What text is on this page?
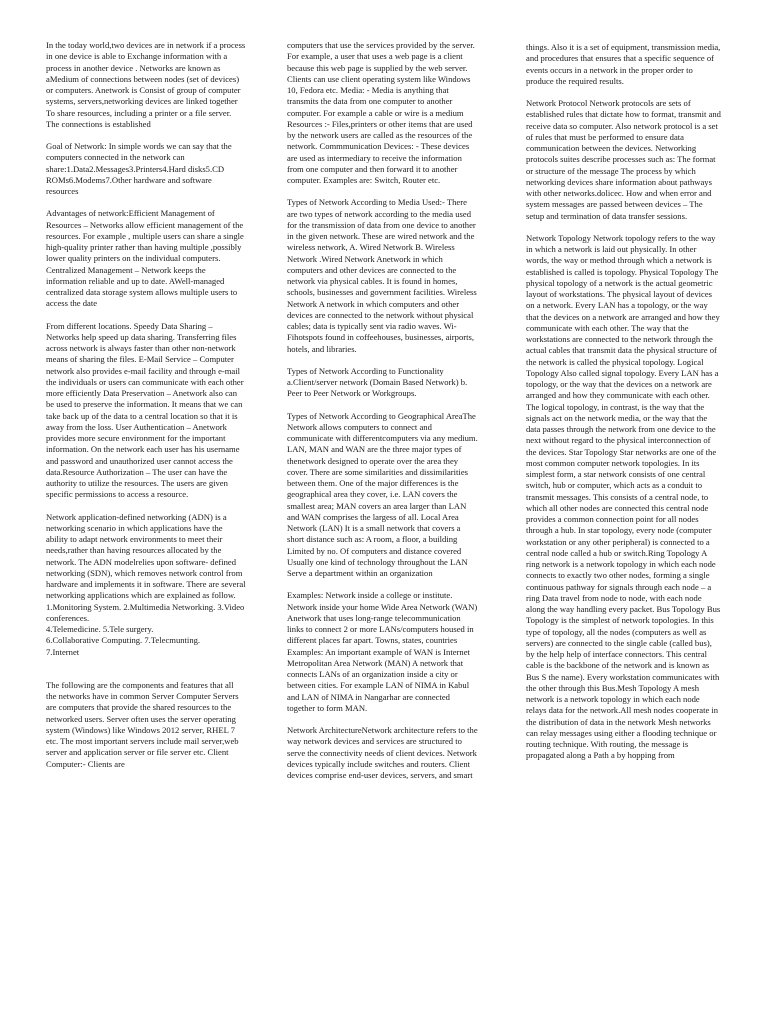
In the today world,two devices are in network if a process in one device is able to Exchange information with a process in another device . Networks are known as aMedium of connections between nodes (set of devices) or computers. Anetwork is Consist of group of computer systems, servers,networking devices are linked together To share resources, including a printer or a file server. The connections is established

Goal of Network: In simple words we can say that the computers connected in the network can share:1.Data2.Messages3.Printers4.Hard disks5.CD ROMs6.Modems7.Other hardware and software resources

Advantages of network:Efficient Management of Resources – Networks allow efficient management of the resources. For example , multiple users can share a single high-quality printer rather than having multiple ,possibly lower quality printers on the individual computers. Centralized Management – Network keeps the information reliable and up to date. AWell-managed centralized data storage system allows multiple users to access the date

From different locations. Speedy Data Sharing – Networks help speed up data sharing. Transferring files across network is always faster than other non-network means of sharing the files. E-Mail Service – Computer network also provides e-mail facility and through e-mail the individuals or users can communicate with each other more efficiently Data Preservation – Anetwork also can be used to preserve the information. It means that we can take back up of the data to a central location so that it is away from the loss. User Authentication – Anetwork provides more secure environment for the important information. On the network each user has his username and password and unauthorized user cannot access the data.Resource Authorization – The user can have the authority to utilize the resources. The users are given specific permissions to access a resource.

Network application-defined networking (ADN) is a networking scenario in which applications have the ability to adapt network environments to meet their needs,rather than having resources allocated by the network. The ADN modelrelies upon software- defined networking (SDN), which removes network control from hardware and implements it in software. There are several networking applications which are explained as follow.
1.Monitoring System. 2.Multimedia Networking. 3.Video conferences.
4.Telemedicine. 5.Tele surgery.
6.Collaborative Computing. 7.Telecmunting.
7.Internet

The following are the components and features that all the networks have in common Server Computer Servers are computers that provide the shared resources to the networked users. Server often uses the server operating system (Windows) like Windows 2012 server, RHEL 7 etc. The most important servers include mail server,web server and application server or file server etc. Client Computer:- Clients are

computers that use the services provided by the server. For example, a user that uses a web page is a client because this web page is supplied by the web server. Clients can use client operating system like Windows 10, Fedora etc. Media: - Media is anything that transmits the data from one computer to another computer. For example a cable or wire is a medium Resources :- Files,printers or other items that are used by the network users are called as the resources of the network. Commmunication Devices: - These devices are used as intermediary to receive the information from one computer and then forward it to another computer. Examples are: Switch, Router etc.

Types of Network According to Media Used:- There are two types of network according to the media used for the transmission of data from one device to another in the given network. These are wired network and the wireless network, A. Wired Network B. Wireless Network .Wired Network Anetwork in which computers and other devices are connected to the network via physical cables. It is found in homes, schools, businesses and government facilities. Wireless Network A network in which computers and other devices are connected to the network without physical cables; data is typically sent via radio waves. Wi-Fihotspots found in coffeehouses, businesses, airports, hotels, and libraries.

Types of Network According to Functionality a.Client/server network (Domain Based Network) b. Peer to Peer Network or Workgroups.

Types of Network According to Geographical AreaThe Network allows computers to connect and communicate with differentcomputers via any medium. LAN, MAN and WAN are the three major types of thenetwork designed to operate over the area they cover. There are some similarities and dissimilarities between them. One of the major differences is the geographical area they cover, i.e. LAN covers the smallest area; MAN covers an area larger than LAN and WAN comprises the largess of all. Local Area Network (LAN) It is a small network that covers a short distance such as: A room, a floor, a building Limited by no. Of computers and distance covered Usually one kind of technology throughout the LAN Serve a department within an organization

Examples: Network inside a college or institute. Network inside your home Wide Area Network (WAN) Anetwork that uses long-range telecommunication links to connect 2 or more LANs/computers housed in different places far apart. Towns, states, countries Examples: An important example of WAN is Internet Metropolitan Area Network (MAN) A network that connects LANs of an organization inside a city or between cities. For example LAN of NIMA in Kabul and LAN of NIMA in Nangarhar are connected together to form MAN.

Network ArchitectureNetwork architecture refers to the way network devices and services are structured to serve the connectivity needs of client devices. Network devices typically include switches and routers. Client devices comprise end-user devices, servers, and smart

things. Also it is a set of equipment, transmission media, and procedures that ensures that a specific sequence of events occurs in a network in the proper order to produce the required results.

Network Protocol Network protocols are sets of established rules that dictate how to format, transmit and receive data so computer. Also network protocol is a set of rules that must be performed to ensure data communication between the devices. Networking protocols suites describe processes such as: The format or structure of the message The process by which networking devices share information about pathways with other networks.dolicec. How and when error and system messages are passed between devices – The setup and termination of data transfer sessions.

Network Topology Network topology refers to the way in which a network is laid out physically. In other words, the way or method through which a network is established is called is topology. Physical Topology The physical topology of a network is the actual geometric layout of workstations. The physical layout of devices on a network. Every LAN has a topology, or the way that the devices on a network are arranged and how they communicate with each other. The way that the workstations are connected to the network through the actual cables that transmit data the physical structure of the network is called the physical topology. Logical Topology Also called signal topology. Every LAN has a topology, or the way that the devices on a network are arranged and how they communicate with each other. The logical topology, in contrast, is the way that the signals act on the network media, or the way that the data passes through the network from one device to the next without regard to the physical interconnection of the devices. Star Topology Star networks are one of the most common computer network topologies. In its simplest form, a star network consists of one central switch, hub or computer, which acts as a conduit to transmit messages. This consists of a central node, to which all other nodes are connected this central node provides a common connection point for all nodes through a hub. In star topology, every node (computer workstation or any other peripheral) is connected to a central node called a hub or switch.Ring Topology A ring network is a network topology in which each node connects to exactly two other nodes, forming a single continuous pathway for signals through each node – a ring Data travel from node to node, with each node along the way handling every packet. Bus Topology Bus Topology is the simplest of network topologies. In this type of topology, all the nodes (computers as well as servers) are connected to the single cable (called bus), by the help help of interface connectors. This central cable is the backbone of the network and is known as Bus S the name). Every workstation communicates with the other through this Bus.Mesh Topology A mesh network is a network topology in which each node relays data for the network.All mesh nodes cooperate in the distribution of data in the network Mesh networks can relay messages using either a flooding technique or routing technique. With routing, the message is propagated along a Path a by hopping from
